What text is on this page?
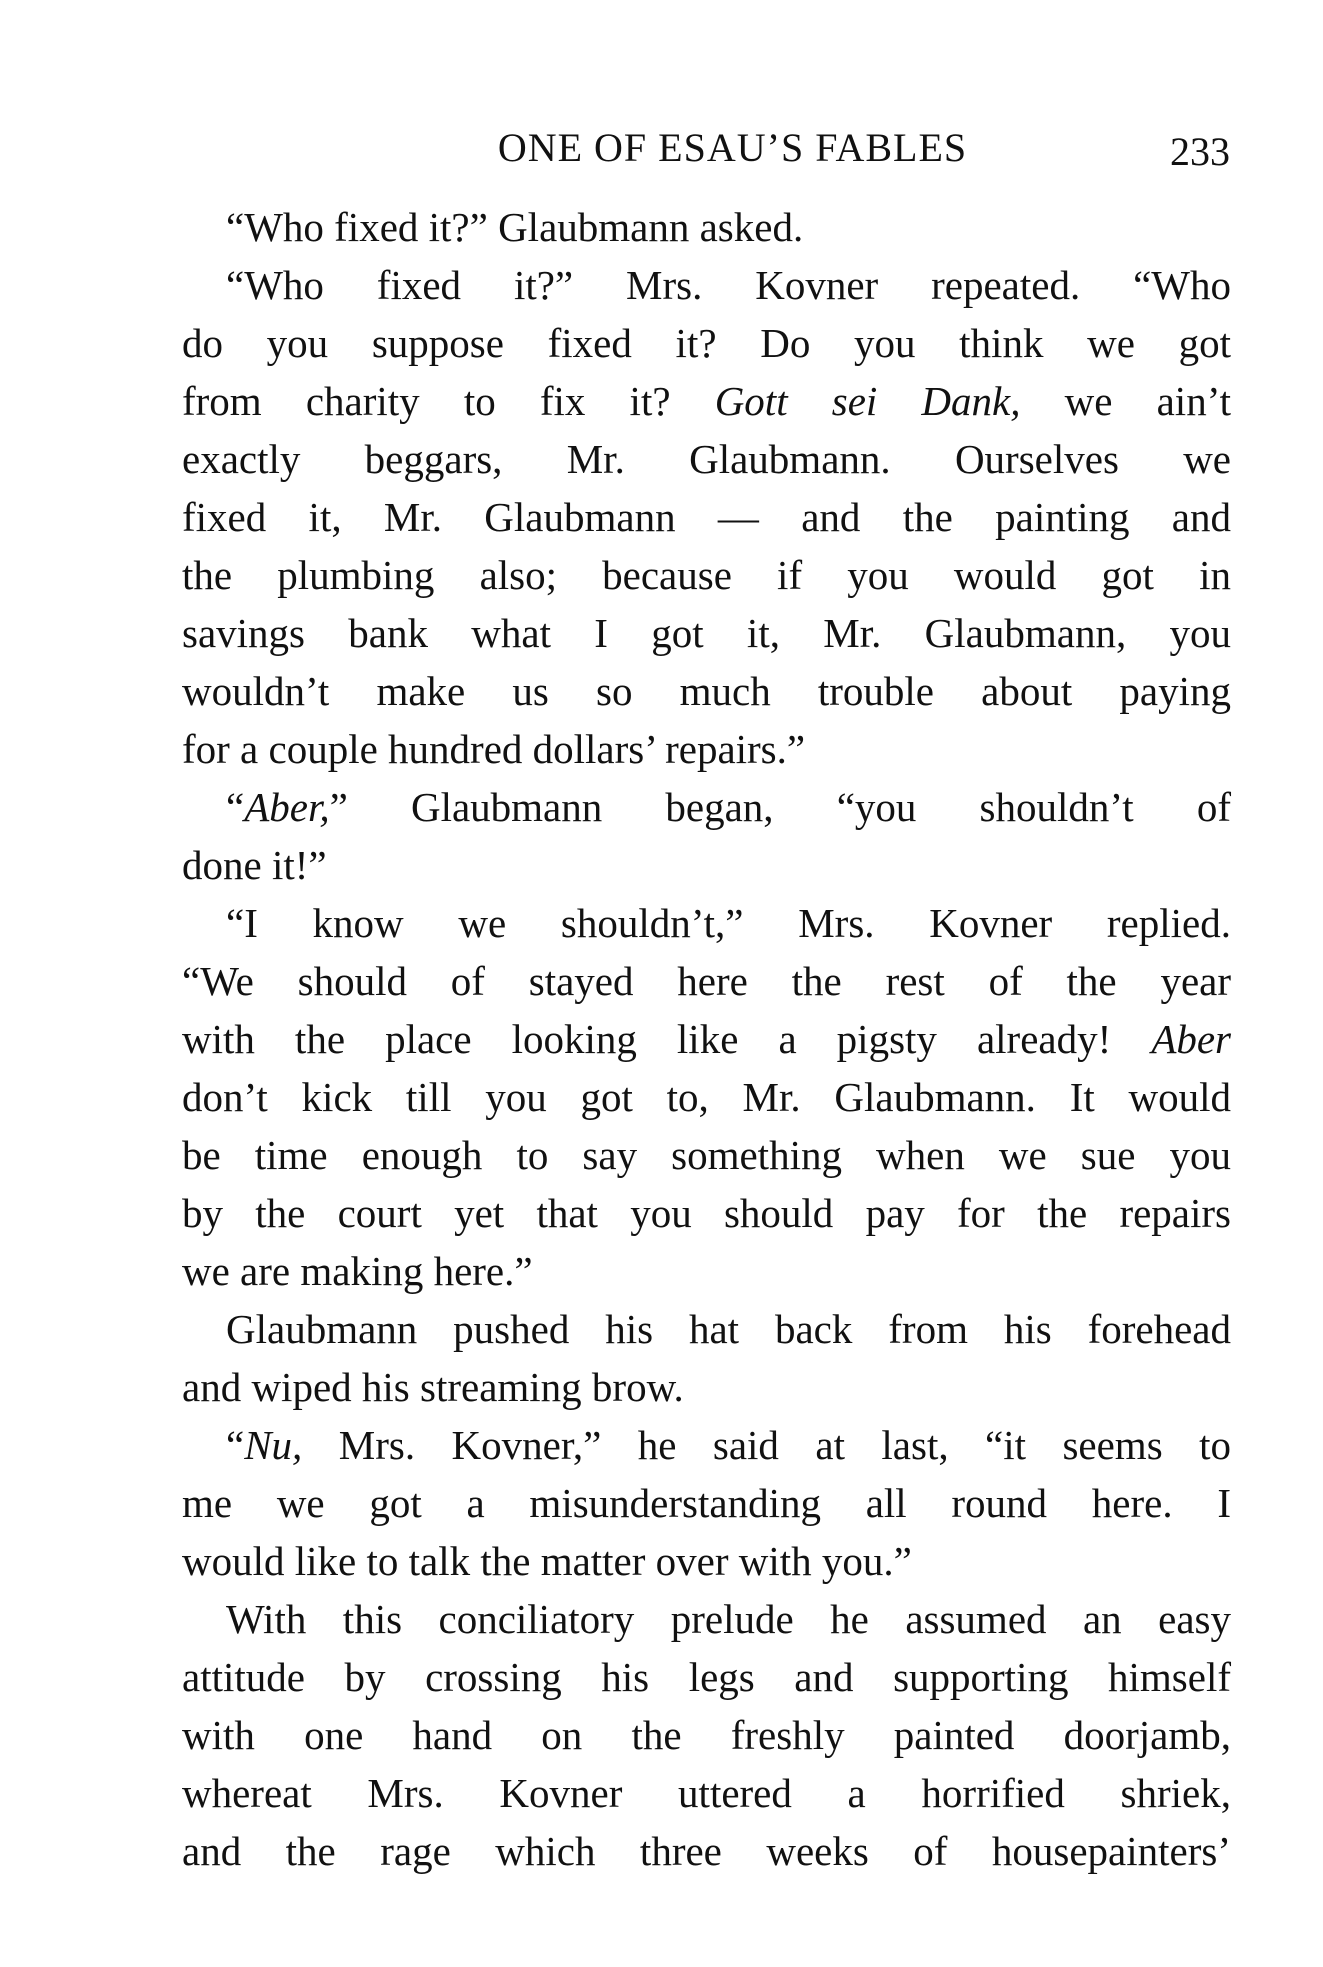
ONE OF ESAU’S FABLES	233
“Who fixed it?” Glaubmann asked.
“Who fixed it?” Mrs. Kovner repeated. “Who
do you suppose fixed it? Do you think we got
from charity to fix it? Gott sei Dank, we ain’t
exactly beggars, Mr. Glaubmann. Ourselves we
fixed it, Mr. Glaubmann — and the painting and
the plumbing also; because if you would got in
savings bank what I got it, Mr. Glaubmann, you
wouldn’t make us so much trouble about paying
for a couple hundred dollars’ repairs.”
“Aber,” Glaubmann began, “you shouldn’t of
done it!”
“I know we shouldn’t,” Mrs. Kovner replied.
“We should of stayed here the rest of the year
with the place looking like a pigsty already! Aber
don’t kick till you got to, Mr. Glaubmann. It would
be time enough to say something when we sue you
by the court yet that you should pay for the repairs
we are making here.”
Glaubmann pushed his hat back from his forehead
and wiped his streaming brow.
“Nu, Mrs. Kovner,” he said at last, “it seems to
me we got a misunderstanding all round here. I
would like to talk the matter over with you.”
With this conciliatory prelude he assumed an easy
attitude by crossing his legs and supporting himself
with one hand on the freshly painted doorjamb,
whereat Mrs. Kovner uttered a horrified shriek,
and the rage which three weeks of housepainters’
